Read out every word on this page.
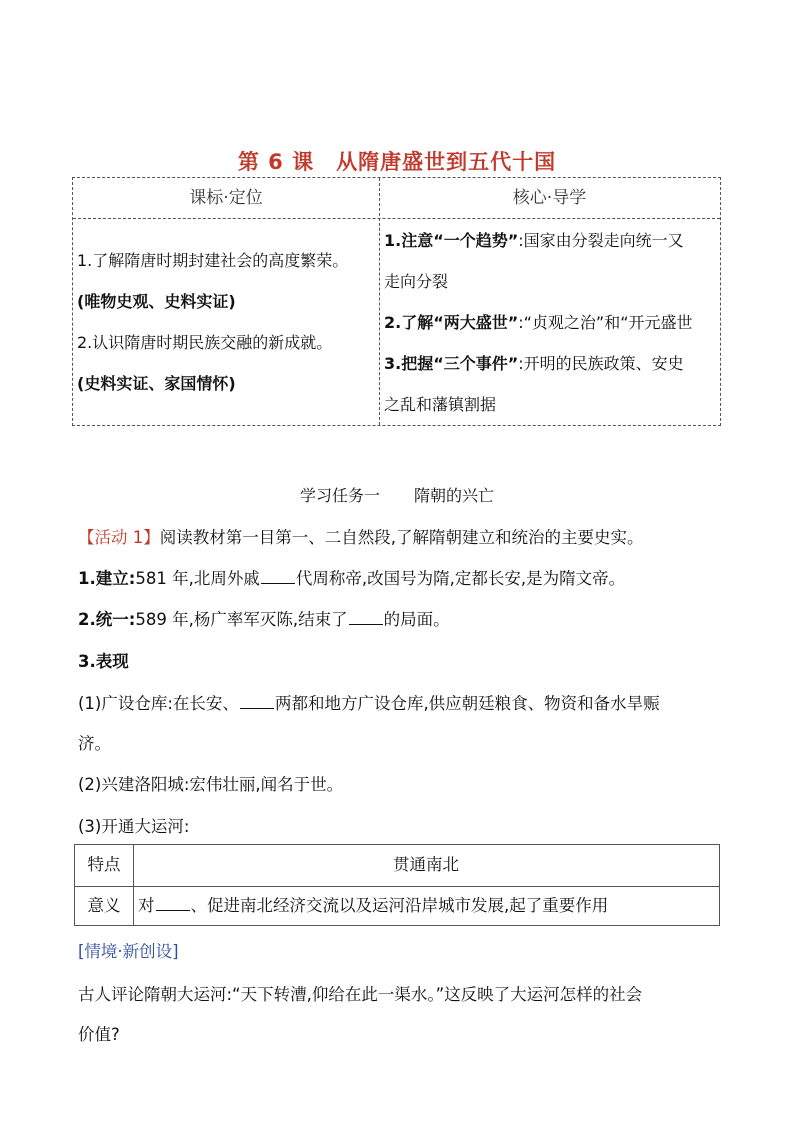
第 6 课　从隋唐盛世到五代十国
课标·定位	核心·导学
1.了解隋唐时期封建社会的高度繁荣。
(唯物史观、史料实证)
2.认识隋唐时期民族交融的新成就。
(史料实证、家国情怀)
1.注意“一个趋势”:国家由分裂走向统一又
走向分裂
2.了解“两大盛世”:“贞观之治”和“开元盛世
3.把握“三个事件”:开明的民族政策、安史
之乱和藩镇割据
学习任务一 隋朝的兴亡
【活动 1】阅读教材第一目第一、二自然段,了解隋朝建立和统治的主要史实。
1.建立:581 年,北周外戚 代周称帝,改国号为隋,定都长安,是为隋文帝。
2.统一:589 年,杨广率军灭陈,结束了 的局面。
3.表现
(1)广设仓库:在长安、 两都和地方广设仓库,供应朝廷粮食、物资和备水旱赈
济。
(2)兴建洛阳城:宏伟壮丽,闻名于世。
(3)开通大运河:
特点	贯通南北
意义	对 、促进南北经济交流以及运河沿岸城市发展,起了重要作用
[情境·新创设]
古人评论隋朝大运河:“天下转漕,仰给在此一渠水。”这反映了大运河怎样的社会
价值?
